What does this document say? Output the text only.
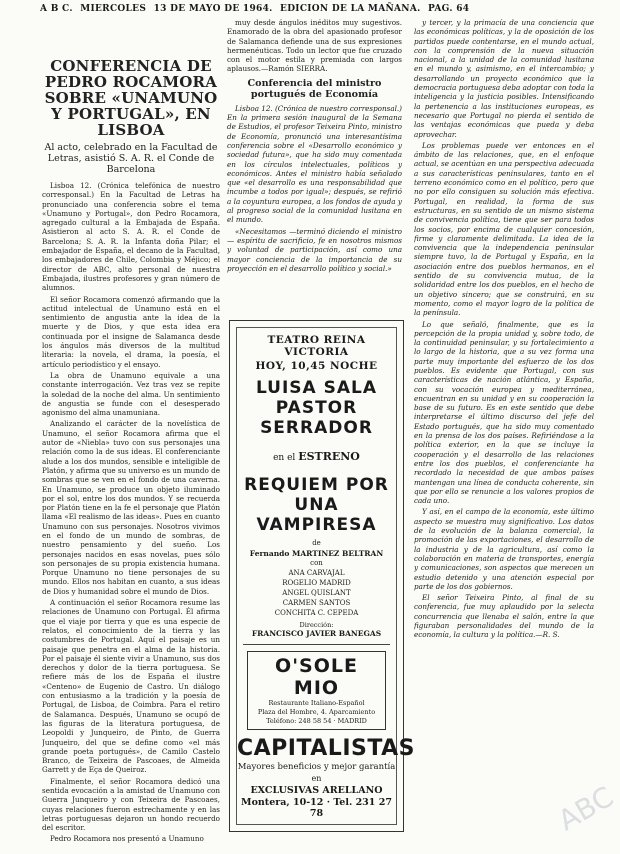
A B C. MIERCOLES 13 DE MAYO DE 1964. EDICION DE LA MAÑANA. PAG. 64
CONFERENCIA DE PEDRO ROCAMORA SOBRE «UNAMUNO Y PORTUGAL», EN LISBOA
Al acto, celebrado en la Facultad de Letras, asistió S. A. R. el Conde de Barcelona

Lisboa 12. (Crónica telefónica de nuestro corresponsal.) En la Facultad de Letras ha pronunciado una conferencia sobre el tema «Unamuno y Portugal», don Pedro Rocamora, agregado cultural a la Embajada de España. Asistieron al acto S. A. R. el Conde de Barcelona; S. A. R. la Infanta doña Pilar; el embajador de España, el decano de la Facultad, los embajadores de Chile, Colombia y Méjico; el director de ABC, alto personal de nuestra Embajada, ilustres profesores y gran número de alumnos.

El señor Rocamora comenzó afirmando que la actitud intelectual de Unamuno está en el sentimiento de angustia ante la idea de la muerte y de Dios, y que esta idea era continuada por el insigne de Salamanca desde los ángulos más diversos de la multitud literaria: la novela, el drama, la poesía, el artículo periodístico y el ensayo.

La obra de Unamuno equivale a una constante interrogación. Vez tras vez se repite la soledad de la noche del alma. Un sentimiento de angustia se funde con el desesperado agonismo del alma unamuniana.

Analizando el carácter de la novelística de Unamuno, el señor Rocamora afirma que el autor de «Niebla» tuvo con sus personajes una relación como la de sus ideas. El conferenciante alude a los dos mundos, sensible e inteligible de Platón, y afirma que su universo es un mundo de sombras que se ven en el fondo de una caverna. En Unamuno, se produce un objeto iluminado por el sol, entre los dos mundos. Y se recuerda por Platón tiene en la fe el personaje que Platón llama «El realismo de las ideas». Pues en cuanto Unamuno con sus personajes. Nosotros vivimos en el fondo de un mundo de sombras, de nuestro pensamiento y del sueño. Los personajes nacidos en esas novelas, pues sólo son personajes de su propia existencia humana. Porque Unamuno no tiene personajes de su mundo. Ellos nos habitan en cuanto, a sus ideas de Dios y humanidad sobre el mundo de Dios.

A continuación el señor Rocamora resume las relaciones de Unamuno con Portugal. Él afirma que el viaje por tierra y que es una especie de relatos, el conocimiento de la tierra y las costumbres de Portugal. Aquí el paisaje es un paisaje que penetra en el alma de la historia. Por el paisaje él siente vivir a Unamuno, sus dos derechos y dolor de la tierra portuguesa. Se refiere más de los de España el ilustre «Centeno» de Eugenio de Castro. Un diálogo con entusiasmo a la tradición y la poesía de Portugal, de Lisboa, de Coimbra. Para el retiro de Salamanca. Después, Unamuno se ocupó de las figuras de la literatura portuguesa, de Leopoldi y Junqueiro, de Pinto, de Guerra Junqueiro, del que se define como «el más grande poeta portugués», de Camilo Castelo Branco, de Teixeira de Pascoaes, de Almeida Garrett y de Eça de Queiroz.

Finalmente, el señor Rocamora dedicó una sentida evocación a la amistad de Unamuno con Guerra Junqueiro y con Teixeira de Pascoaes, cuyas relaciones fueron estrechamente y en las letras portuguesas dejaron un hondo recuerdo del escritor.

Pedro Rocamora nos presentó a Unamuno

muy desde ángulos inéditos muy sugestivos. Enamorado de la obra del apasionado profesor de Salamanca defiende una de sus expresiones hermenéuticas. Todo un lector que fue cruzado con el motor estila y premiada con largos aplausos.—Ramón SIERRA.

Conferencia del ministro portugués de Economía

Lisboa 12. (Crónica de nuestro corresponsal.) En la primera sesión inaugural de la Semana de Estudios, el profesor Teixeira Pinto, ministro de Economía, pronunció una interesantísima conferencia sobre el «Desarrollo económico y sociedad futura», que ha sido muy comentada en los círculos intelectuales, políticos y económicos. Antes el ministro había señalado que «el desarrollo es una responsabilidad que incumbe a todos por igual»; después, se refirió a la coyuntura europea, a los fondos de ayuda y al progreso social de la comunidad lusitana en el mundo.

«Necesitamos —terminó diciendo el ministro— espíritu de sacrificio, fe en nosotros mismos y voluntad de participación, así como una mayor conciencia de la importancia de su proyección en el desarrollo político y social.»

TEATRO REINA VICTORIA
HOY, 10,45 NOCHE
LUISA SALA
PASTOR SERRADOR
en el ESTRENO
REQUIEM POR
UNA VAMPIRESA
de
Fernando MARTINEZ BELTRAN
con
ANA CARVAJAL
ROGELIO MADRID
ANGEL QUISLANT
CARMEN SANTOS
CONCHITA C. CEPEDA
Dirección:
FRANCISCO JAVIER BANEGAS
O'SOLE MIO
Restaurante Italiano-Español
Plaza del Hombre, 4. Aparcamiento
Teléfono: 248 58 54 · MADRID
CAPITALISTAS
Mayores beneficios y mejor garantía
en
EXCLUSIVAS ARELLANO
Montera, 10-12 · Tel. 231 27 78

y tercer, y la primacía de una conciencia que las económicas políticas, y la de oposición de los partidos puede contentarse, en el mundo actual, con la comprensión de la nueva situación nacional, a la unidad de la comunidad lusitana en el mundo y, asimismo, en el intercambio; y desarrollando un proyecto económico que la democracia portuguesa deba adoptar con toda la inteligencia y la justicia posibles. Intensificando la pertenencia a las instituciones europeas, es necesario que Portugal no pierda el sentido de las ventajas económicas que pueda y deba aprovechar.

Los problemas puede ver entonces en el ámbito de las relaciones, que, en el enfoque actual, se acentúan en una perspectiva adecuada a sus características peninsulares, tanto en el terreno económico como en el político, pero que no por ello consiguen su solución más efectiva. Portugal, en realidad, la forma de sus estructuras, en su sentido de un mismo sistema de convivencia política, tiene que ser para todos los socios, por encima de cualquier concesión, firme y claramente delimitada. La idea de la convivencia que la independencia peninsular siempre tuvo, la de Portugal y España, en la asociación entre dos pueblos hermanos, en el sentido de su convivencia mutua, de la solidaridad entre los dos pueblos, en el hecho de un objetivo sincero; que se construirá, en su momento, como el mayor logro de la política de la península.

Lo que señaló, finalmente, que es la percepción de la propia unidad y, sobre todo, de la continuidad peninsular, y su fortalecimiento a lo largo de la historia, que a su vez forma una parte muy importante del esfuerzo de los dos pueblos. Es evidente que Portugal, con sus características de nación atlántica, y España, con su vocación europea y mediterránea, encuentran en su unidad y en su cooperación la base de su futuro. Es en este sentido que debe interpretarse el último discurso del jefe del Estado portugués, que ha sido muy comentado en la prensa de los dos países. Refiriéndose a la política exterior, en la que se incluye la cooperación y el desarrollo de las relaciones entre los dos pueblos, el conferenciante ha recordado la necesidad de que ambos países mantengan una línea de conducta coherente, sin que por ello se renuncie a los valores propios de cada uno.

Y así, en el campo de la economía, este último aspecto se muestra muy significativo. Los datos de la evolución de la balanza comercial, la promoción de las exportaciones, el desarrollo de la industria y de la agricultura, así como la colaboración en materia de transportes, energía y comunicaciones, son aspectos que merecen un estudio detenido y una atención especial por parte de los dos gobiernos.

El señor Teixeira Pinto, al final de su conferencia, fue muy aplaudido por la selecta concurrencia que llenaba el salón, entre la que figuraban personalidades del mundo de la economía, la cultura y la política.—R. S.

ABC
